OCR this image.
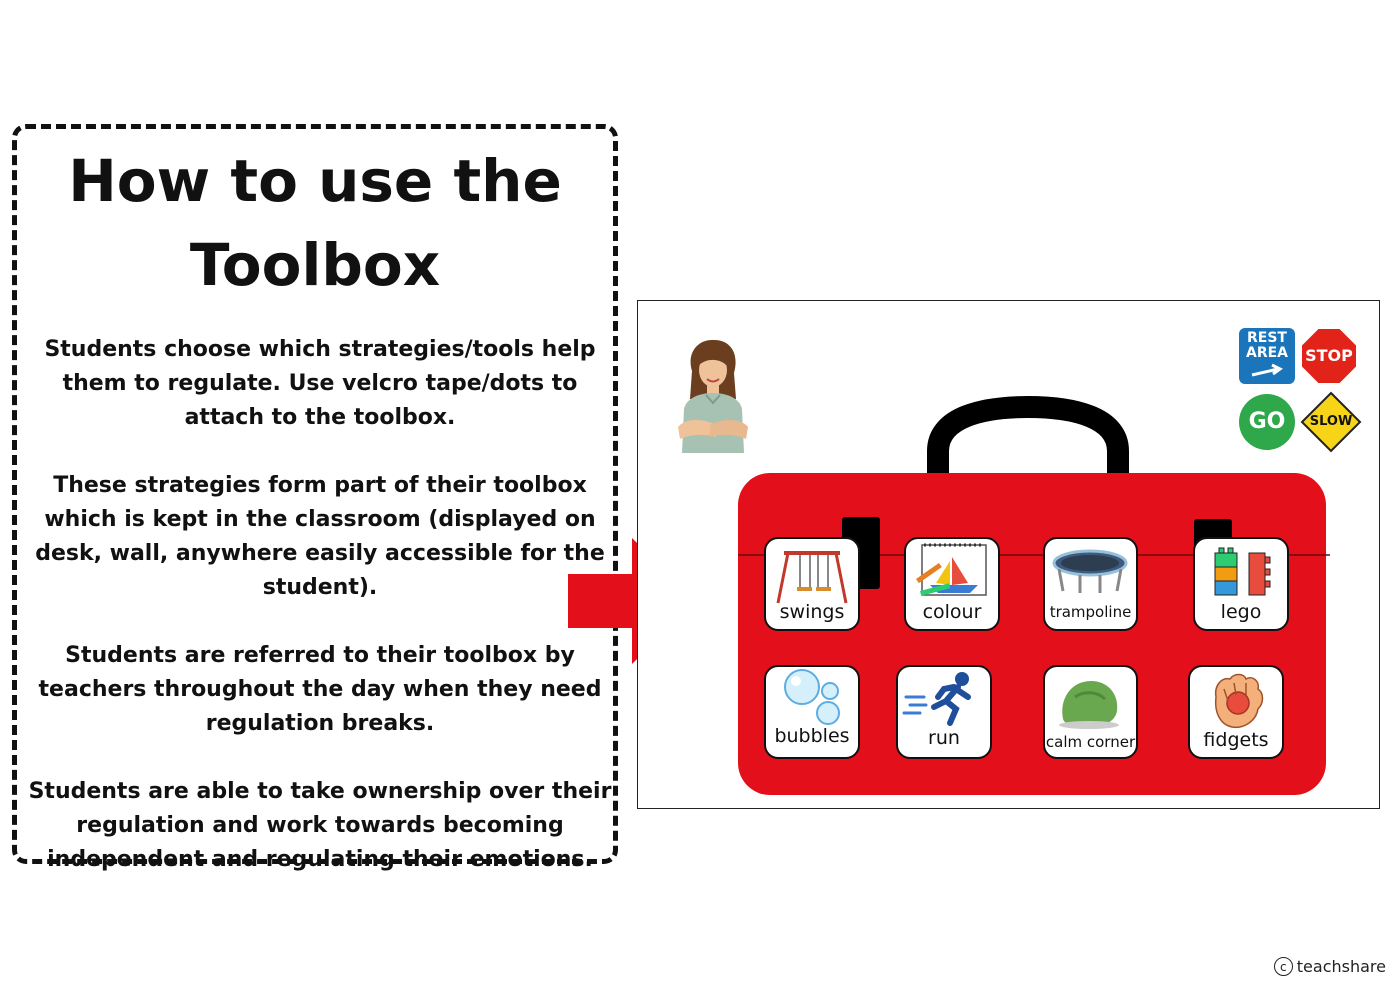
How to use the
Toolbox

Students choose which strategies/tools help them to regulate. Use velcro tape/dots to attach to the toolbox.

These strategies form part of their toolbox which is kept in the classroom (displayed on desk, wall, anywhere easily accessible for the student).

Students are referred to their toolbox by teachers throughout the day when they need regulation breaks.

Students are able to take ownership over their regulation and work towards becoming independent and regulating their emotions.

REST
AREA	STOP
GO	SLOW
swings	colour	trampoline	lego
bubbles	run	calm corner	fidgets
c teachshare
